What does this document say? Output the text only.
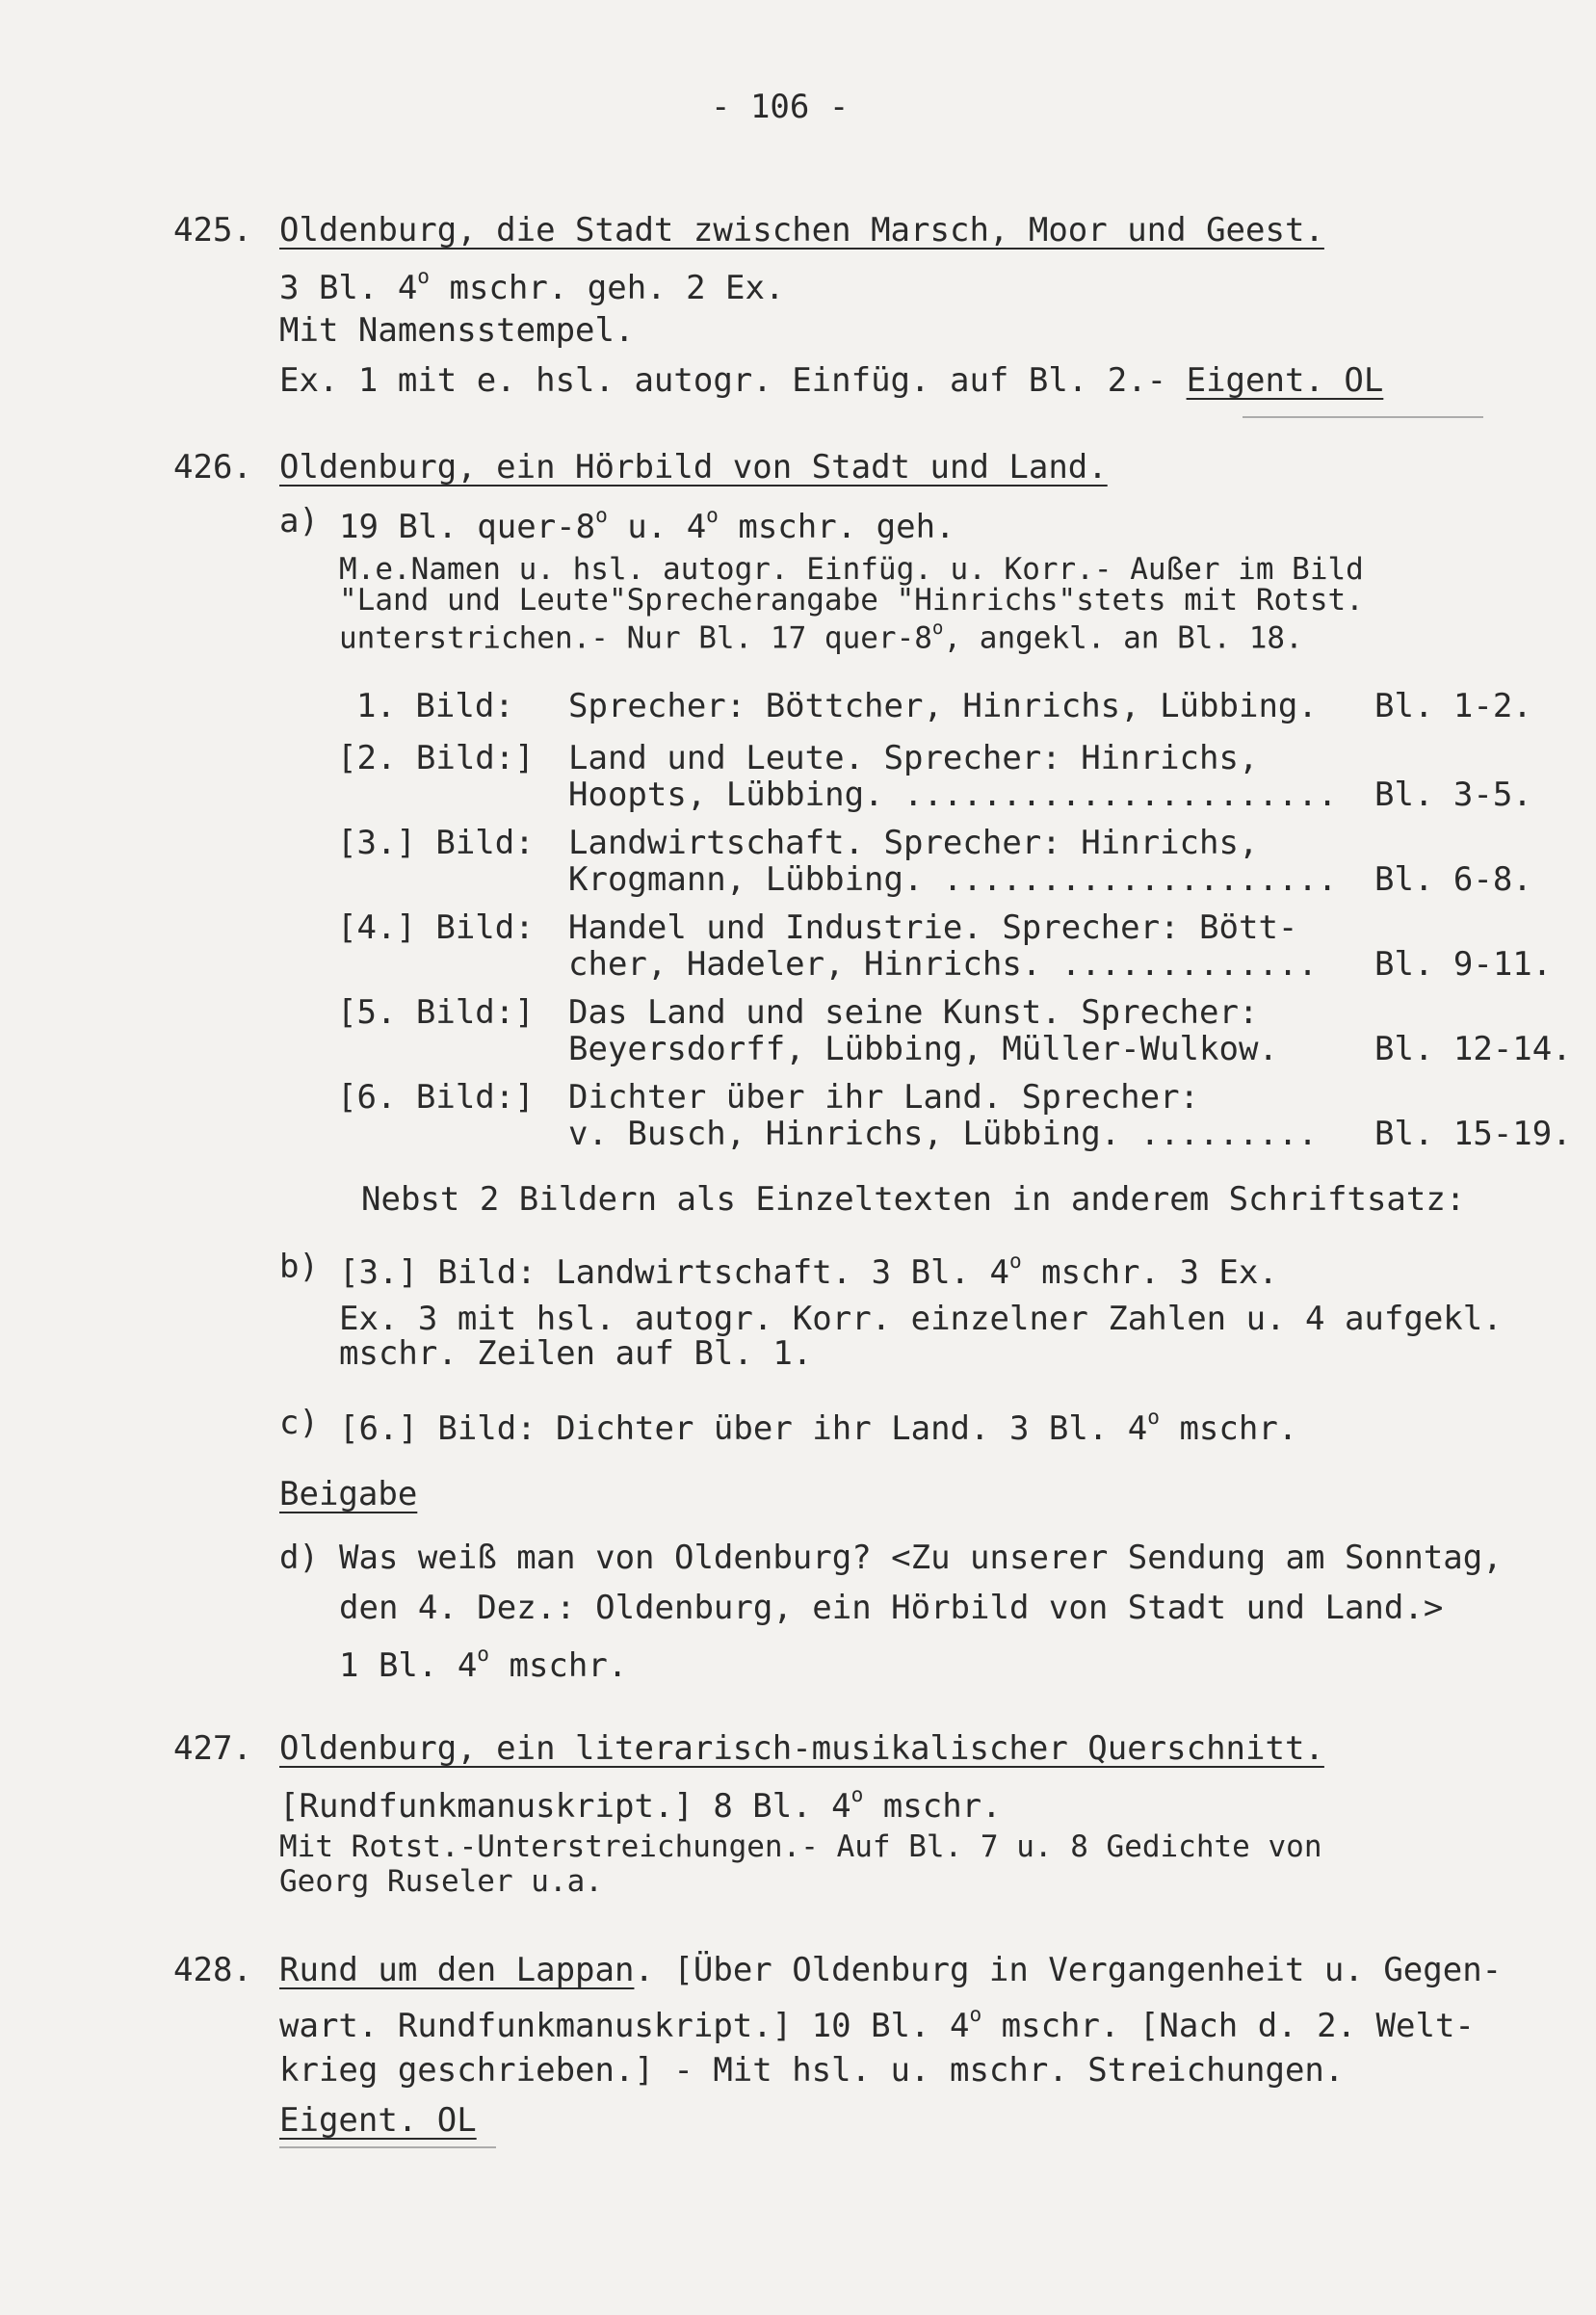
- 106 -
425. Oldenburg, die Stadt zwischen Marsch, Moor und Geest.
3 Bl. 4$^o$ mschr. geh. 2 Ex.
Mit Namensstempel.
Ex. 1 mit e. hsl. autogr. Einfüg. auf Bl. 2.- Eigent. OL
426. Oldenburg, ein Hörbild von Stadt und Land.
a) 19 Bl. quer-8$^o$ u. 4$^o$ mschr. geh.
M.e.Namen u. hsl. autogr. Einfüg. u. Korr.- Außer im Bild
"Land und Leute"Sprecherangabe "Hinrichs"stets mit Rotst.
unterstrichen.- Nur Bl. 17 quer-8$^o$, angekl. an Bl. 18.
1. Bild: Sprecher: Böttcher, Hinrichs, Lübbing. Bl. 1-2.
[2. Bild:] Land und Leute. Sprecher: Hinrichs,
Hoopts, Lübbing. ...................... Bl. 3-5.
[3.] Bild: Landwirtschaft. Sprecher: Hinrichs,
Krogmann, Lübbing. .................... Bl. 6-8.
[4.] Bild: Handel und Industrie. Sprecher: Bött-
cher, Hadeler, Hinrichs. ............. Bl. 9-11.
[5. Bild:] Das Land und seine Kunst. Sprecher:
Beyersdorff, Lübbing, Müller-Wulkow.	Bl. 12-14.
[6. Bild:] Dichter über ihr Land. Sprecher:
v. Busch, Hinrichs, Lübbing. ......... Bl. 15-19.
Nebst 2 Bildern als Einzeltexten in anderem Schriftsatz:
b) [3.] Bild: Landwirtschaft. 3 Bl. 4$^o$ mschr. 3 Ex.
Ex. 3 mit hsl. autogr. Korr. einzelner Zahlen u. 4 aufgekl.
mschr. Zeilen auf Bl. 1.
c) [6.] Bild: Dichter über ihr Land. 3 Bl. 4$^o$ mschr.
Beigabe
d) Was weiß man von Oldenburg? <Zu unserer Sendung am Sonntag,
den 4. Dez.: Oldenburg, ein Hörbild von Stadt und Land.>
1 Bl. 4$^o$ mschr.
427. Oldenburg, ein literarisch-musikalischer Querschnitt.
[Rundfunkmanuskript.] 8 Bl. 4$^o$ mschr.
Mit Rotst.-Unterstreichungen.- Auf Bl. 7 u. 8 Gedichte von
Georg Ruseler u.a.
428. Rund um den Lappan. [Über Oldenburg in Vergangenheit u. Gegen-
wart. Rundfunkmanuskript.] 10 Bl. 4$^o$ mschr. [Nach d. 2. Welt-
krieg geschrieben.] - Mit hsl. u. mschr. Streichungen.
Eigent. OL
